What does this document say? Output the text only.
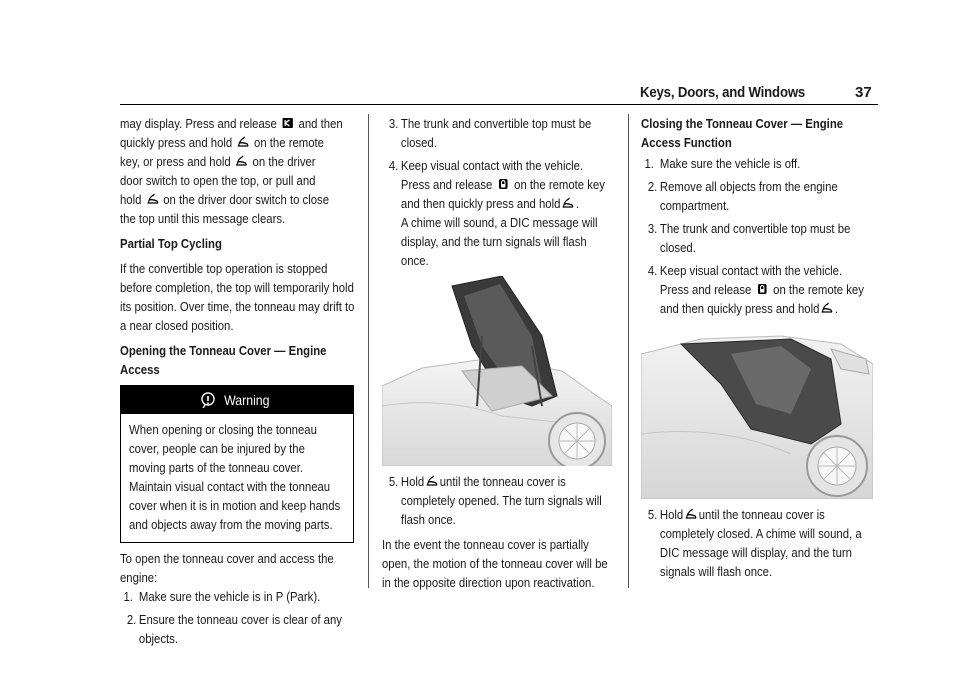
Keys, Doors, and Windows	37

may display. Press and release and then
quickly press and hold on the remote
key, or press and hold on the driver
door switch to open the top, or pull and
hold on the driver door switch to close
the top until this message clears.

Partial Top Cycling

If the convertible top operation is stopped before completion, the top will temporarily hold its position. Over time, the tonneau may drift to a near closed position.

Opening the Tonneau Cover — Engine Access

Warning

When opening or closing the tonneau cover, people can be injured by the moving parts of the tonneau cover. Maintain visual contact with the tonneau cover when it is in motion and keep hands and objects away from the moving parts.

To open the tonneau cover and access the engine:

1. Make sure the vehicle is in P (Park).
2. Ensure the tonneau cover is clear of any objects.
3. The trunk and convertible top must be closed.
4. Keep visual contact with the vehicle.
Press and release on the remote key
and then quickly press and hold .
A chime will sound, a DIC message will display, and the turn signals will flash once.
5. Hold until the tonneau cover is completely opened. The turn signals will flash once.

In the event the tonneau cover is partially open, the motion of the tonneau cover will be in the opposite direction upon reactivation.

Closing the Tonneau Cover — Engine Access Function

1. Make sure the vehicle is off.
2. Remove all objects from the engine compartment.
3. The trunk and convertible top must be closed.
4. Keep visual contact with the vehicle.
Press and release on the remote key
and then quickly press and hold .
5. Hold until the tonneau cover is completely closed. A chime will sound, a DIC message will display, and the turn signals will flash once.
